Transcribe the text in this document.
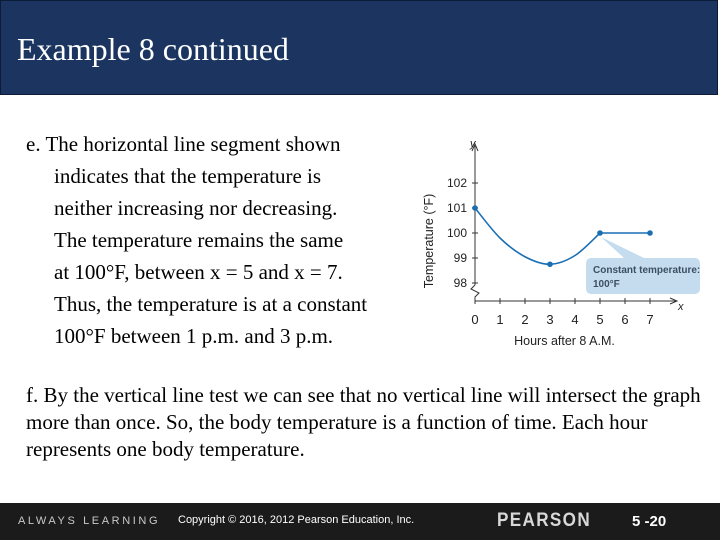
Example 8 continued
e. The horizontal line segment shown
indicates that the temperature is
neither increasing nor decreasing.
The temperature remains the same
at 100°F, between x = 5 and x = 7.
Thus, the temperature is at a constant
100°F between 1 p.m. and 3 p.m.
y
x
98
99
100
101
102
0 1 2 3 4 5 6 7
Hours after 8 A.M.
Temperature (°F)	Constant temperature:
100°F
f. By the vertical line test we can see that no vertical line will intersect the graph more than once. So, the body temperature is a function of time. Each hour represents one body temperature.
ALWAYS LEARNING Copyright © 2016, 2012 Pearson Education, Inc.	PEARSON	5 -20
